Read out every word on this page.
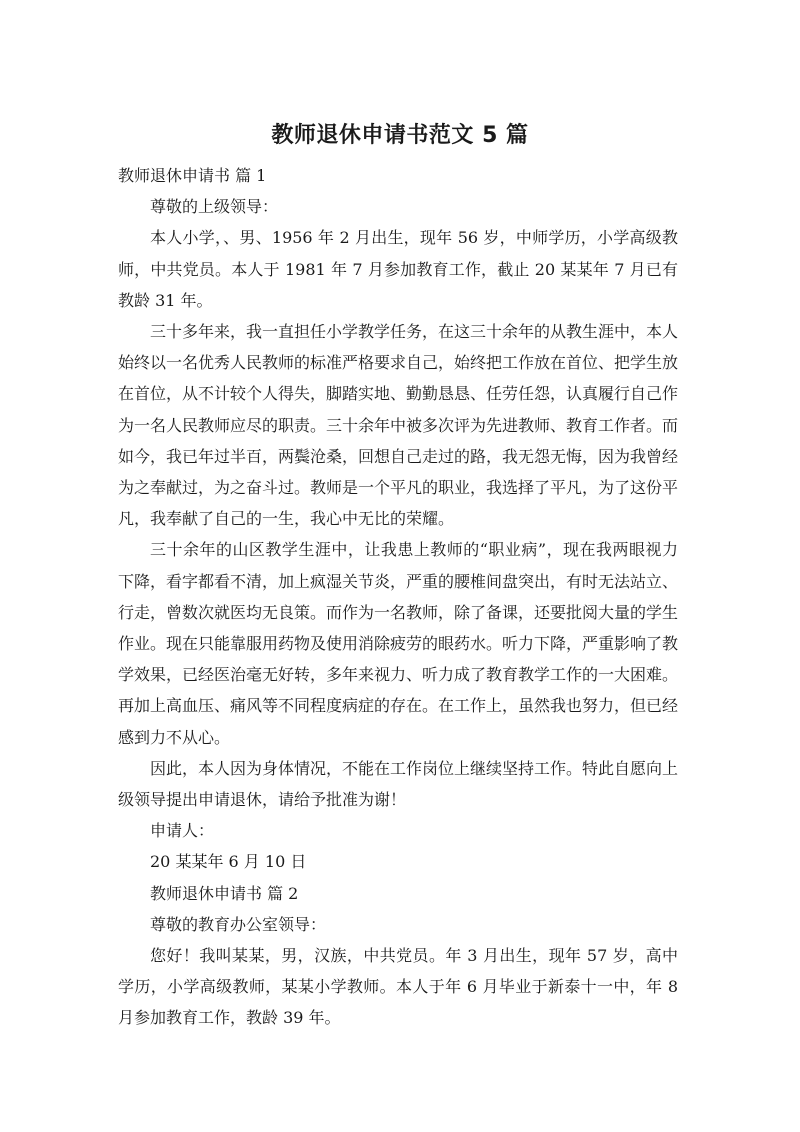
教师退休申请书范文 5 篇

教师退休申请书 篇 1

尊敬的上级领导：

本人小学，、男、1956 年 2 月出生，现年 56 岁，中师学历，小学高级教师，中共党员。本人于 1981 年 7 月参加教育工作，截止 20 某某年 7 月已有教龄 31 年。

三十多年来，我一直担任小学教学任务，在这三十余年的从教生涯中，本人始终以一名优秀人民教师的标准严格要求自己，始终把工作放在首位、把学生放在首位，从不计较个人得失，脚踏实地、勤勤恳恳、任劳任怨，认真履行自己作为一名人民教师应尽的职责。三十余年中被多次评为先进教师、教育工作者。而如今，我已年过半百，两鬓沧桑，回想自己走过的路，我无怨无悔，因为我曾经为之奉献过，为之奋斗过。教师是一个平凡的职业，我选择了平凡，为了这份平凡，我奉献了自己的一生，我心中无比的荣耀。

三十余年的山区教学生涯中，让我患上教师的“职业病”，现在我两眼视力下降，看字都看不清，加上疯湿关节炎，严重的腰椎间盘突出，有时无法站立、行走，曾数次就医均无良策。而作为一名教师，除了备课，还要批阅大量的学生作业。现在只能靠服用药物及使用消除疲劳的眼药水。听力下降，严重影响了教学效果，已经医治毫无好转，多年来视力、听力成了教育教学工作的一大困难。再加上高血压、痛风等不同程度病症的存在。在工作上，虽然我也努力，但已经感到力不从心。

因此，本人因为身体情况，不能在工作岗位上继续坚持工作。特此自愿向上级领导提出申请退休，请给予批准为谢！

申请人：

20 某某年 6 月 10 日

教师退休申请书 篇 2

尊敬的教育办公室领导：

您好！我叫某某，男，汉族，中共党员。年 3 月出生，现年 57 岁，高中学历，小学高级教师，某某小学教师。本人于年 6 月毕业于新泰十一中，年 8 月参加教育工作，教龄 39 年。
